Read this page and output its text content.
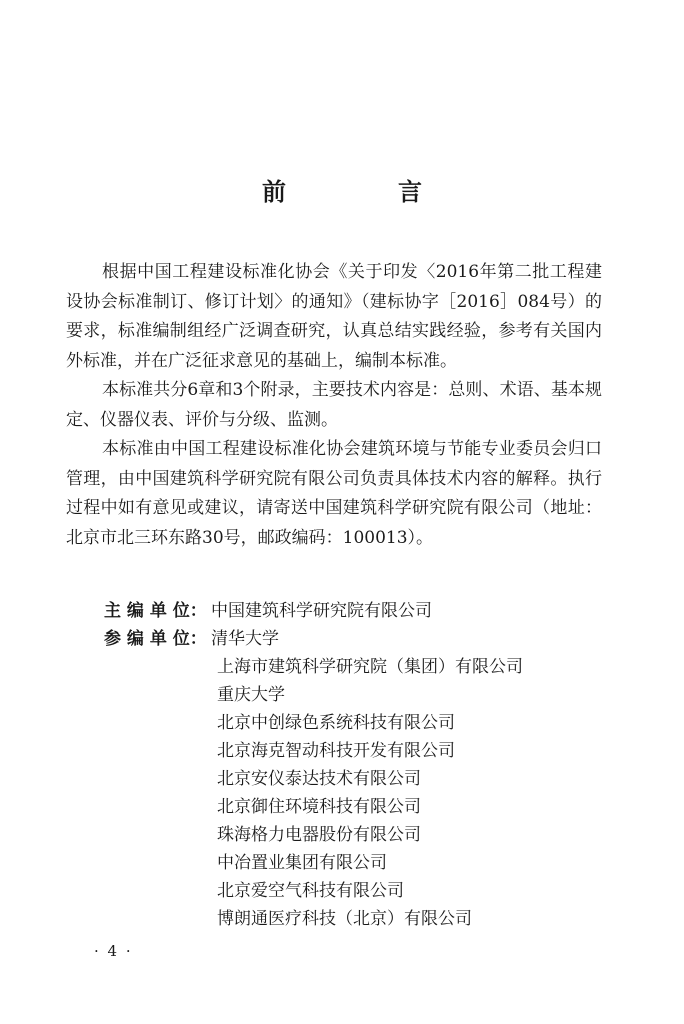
前　言

根据中国工程建设标准化协会《关于印发〈2016年第二批工程建设协会标准制订、修订计划〉的通知》（建标协字［2016］084号）的要求，标准编制组经广泛调查研究，认真总结实践经验，参考有关国内外标准，并在广泛征求意见的基础上，编制本标准。

本标准共分6章和3个附录，主要技术内容是：总则、术语、基本规定、仪器仪表、评价与分级、监测。

本标准由中国工程建设标准化协会建筑环境与节能专业委员会归口管理，由中国建筑科学研究院有限公司负责具体技术内容的解释。执行过程中如有意见或建议，请寄送中国建筑科学研究院有限公司（地址：北京市北三环东路30号，邮政编码：100013）。

主 编 单 位： 中国建筑科学研究院有限公司
参 编 单 位： 清华大学
上海市建筑科学研究院（集团）有限公司
重庆大学
北京中创绿色系统科技有限公司
北京海克智动科技开发有限公司
北京安仪泰达技术有限公司
北京御住环境科技有限公司
珠海格力电器股份有限公司
中冶置业集团有限公司
北京爱空气科技有限公司
博朗通医疗科技（北京）有限公司
· 4 ·
